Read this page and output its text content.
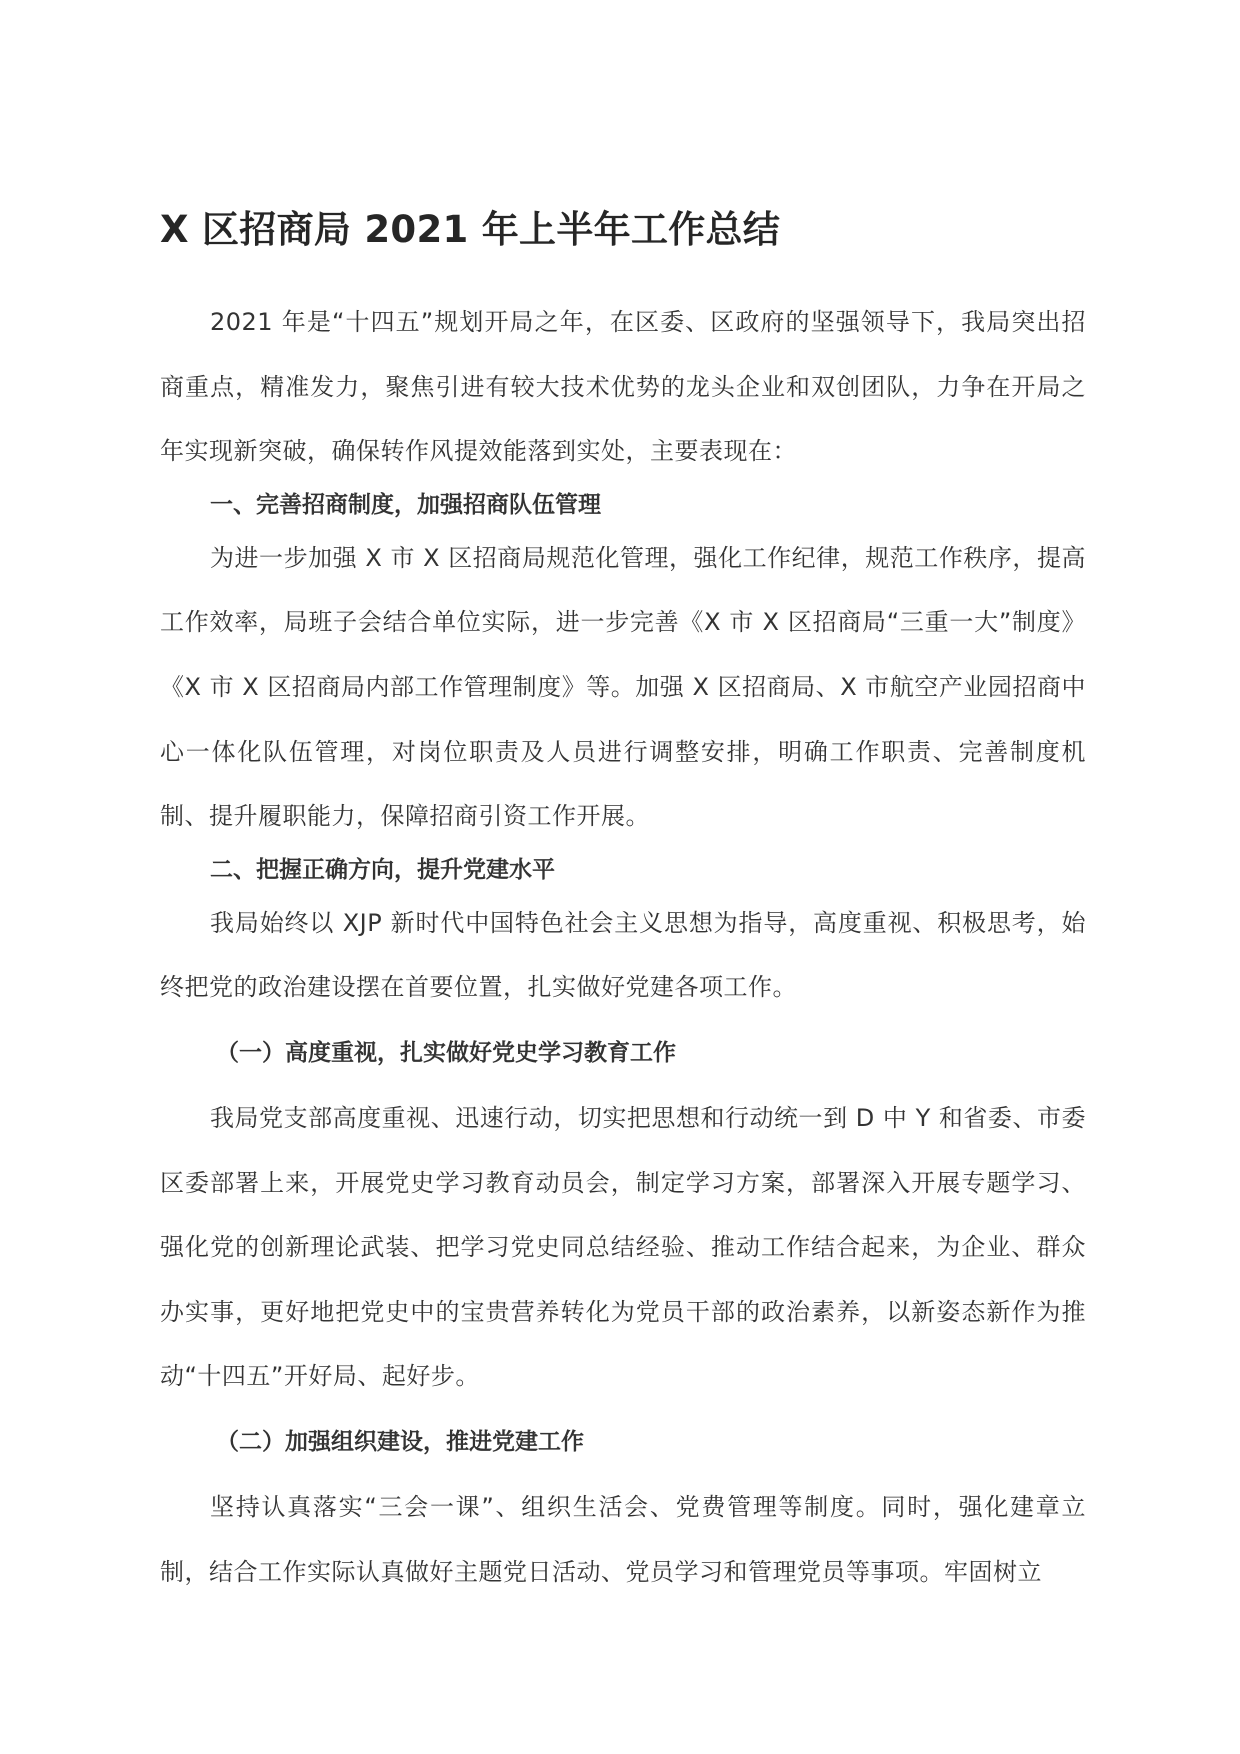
X 区招商局 2021 年上半年工作总结

2021 年是“十四五”规划开局之年，在区委、区政府的坚强领导下，我局突出招商重点，精准发力，聚焦引进有较大技术优势的龙头企业和双创团队，力争在开局之年实现新突破，确保转作风提效能落到实处，主要表现在：

一、完善招商制度，加强招商队伍管理

为进一步加强 X 市 X 区招商局规范化管理，强化工作纪律，规范工作秩序，提高工作效率，局班子会结合单位实际，进一步完善《X 市 X 区招商局“三重一大”制度》《X 市 X 区招商局内部工作管理制度》等。加强 X 区招商局、X 市航空产业园招商中心一体化队伍管理，对岗位职责及人员进行调整安排，明确工作职责、完善制度机制、提升履职能力，保障招商引资工作开展。

二、把握正确方向，提升党建水平

我局始终以 XJP 新时代中国特色社会主义思想为指导，高度重视、积极思考，始终把党的政治建设摆在首要位置，扎实做好党建各项工作。

（一）高度重视，扎实做好党史学习教育工作

我局党支部高度重视、迅速行动，切实把思想和行动统一到 D 中 Y 和省委、市委区委部署上来，开展党史学习教育动员会，制定学习方案，部署深入开展专题学习、强化党的创新理论武装、把学习党史同总结经验、推动工作结合起来，为企业、群众办实事，更好地把党史中的宝贵营养转化为党员干部的政治素养，以新姿态新作为推动“十四五”开好局、起好步。

（二）加强组织建设，推进党建工作

坚持认真落实“三会一课”、组织生活会、党费管理等制度。同时，强化建章立制，结合工作实际认真做好主题党日活动、党员学习和管理党员等事项。牢固树立
